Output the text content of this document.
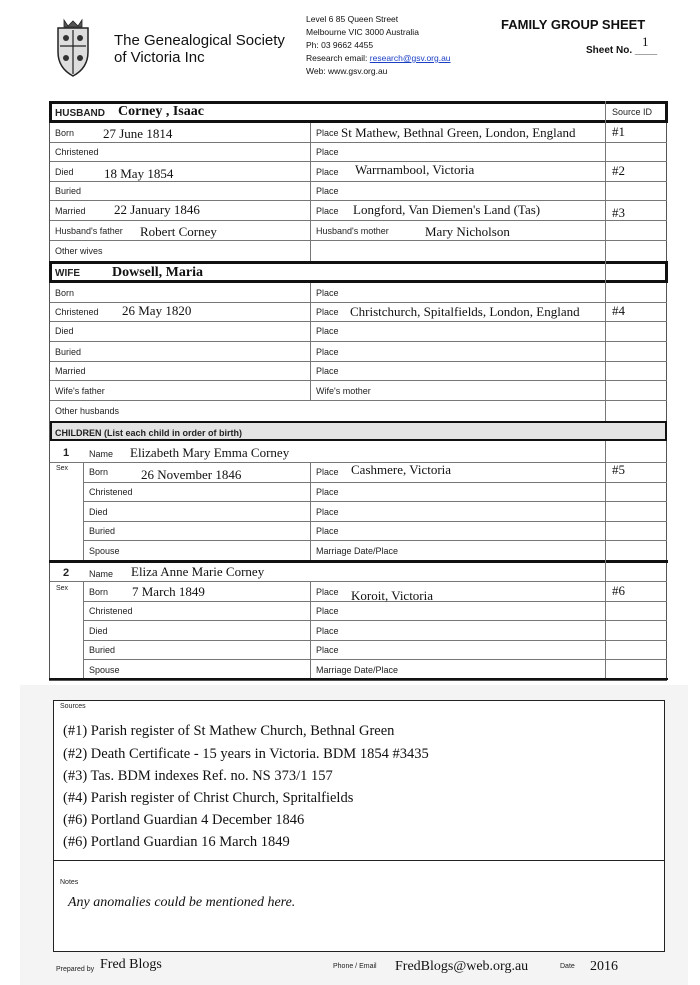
The Genealogical Society
of Victoria Inc
Level 6 85 Queen Street
Melbourne VIC 3000 Australia
Ph: 03 9662 4455
Research email: research@gsv.org.au
Web: www.gsv.org.au
FAMILY GROUP SHEET
Sheet No. ____
1
HUSBAND Corney , Isaac	Source ID
Born 27 June 1814	Place St Mathew, Bethnal Green, London, England	#1
Christened	Place
Died 18 May 1854	Place Warrnambool, Victoria	#2
Buried	Place
Married 22 January 1846	Place Longford, Van Diemen's Land (Tas)	#3
Husband's father Robert Corney	Husband's mother	Mary Nicholson
Other wives
WIFE Dowsell, Maria
Born	Place
Christened 26 May 1820	Place Christchurch, Spitalfields, London, England #4
Died	Place
Buried	Place
Married	Place
Wife's father	Wife's mother
Other husbands
CHILDREN (List each child in order of birth)
1 Name Elizabeth Mary Emma Corney
Sex Born	26 November 1846	Place Cashmere, Victoria	#5
Christened	Place
Died	Place
Buried	Place
Spouse	Marriage Date/Place
2 Name Eliza Anne Marie Corney
Sex Born 7 March 1849	Place Koroit, Victoria	#6
Christened	Place
Died	Place
Buried	Place
Spouse	Marriage Date/Place
Sources
(#1) Parish register of St Mathew Church, Bethnal Green
(#2) Death Certificate - 15 years in Victoria. BDM 1854 #3435
(#3) Tas. BDM indexes Ref. no. NS 373/1 157
(#4) Parish register of Christ Church, Spritalfields
(#6) Portland Guardian 4 December 1846
(#6) Portland Guardian 16 March 1849
Notes
Any anomalies could be mentioned here.
Prepared by Fred Blogs	Phone / Email FredBlogs@web.org.au	Date 2016
